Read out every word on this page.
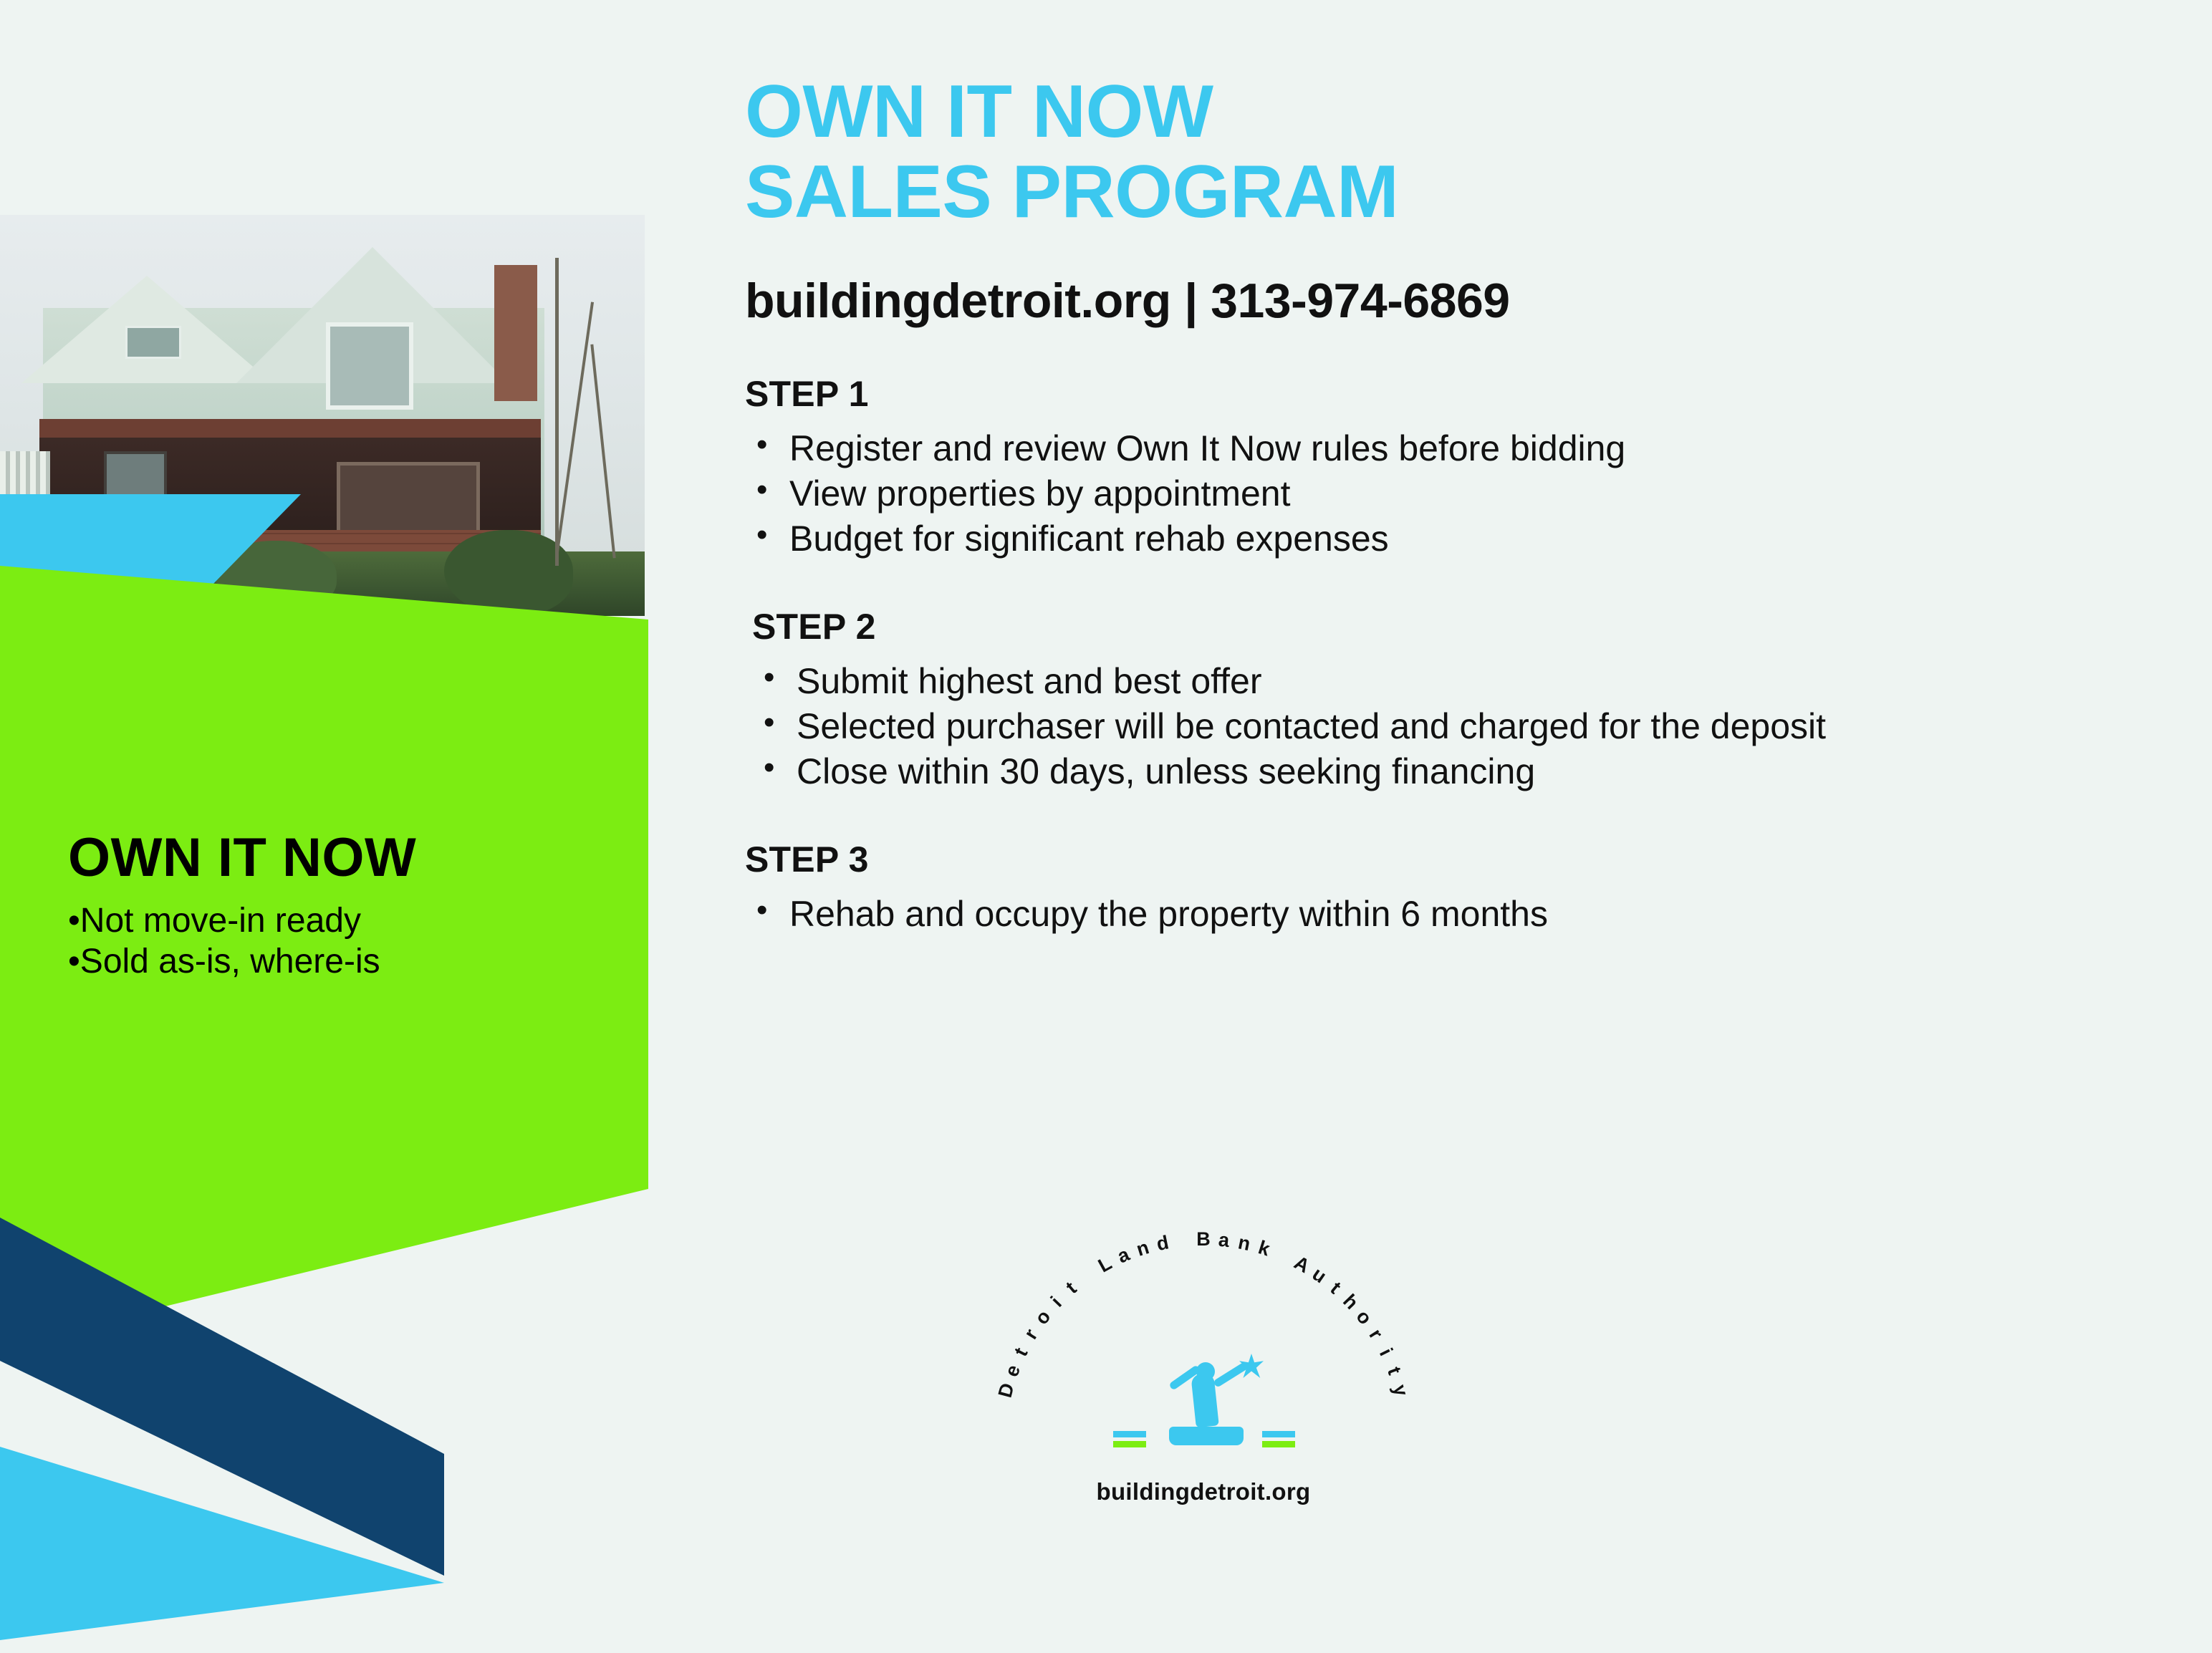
OWN IT NOW
•Not move-in ready
•Sold as-is, where-is
OWN IT NOW
SALES PROGRAM
buildingdetroit.org | 313-974-6869
STEP 1
• Register and review Own It Now rules before bidding
• View properties by appointment
• Budget for significant rehab expenses
STEP 2
• Submit highest and best offer
• Selected purchaser will be contacted and charged for the deposit
• Close within 30 days, unless seeking financing
STEP 3
• Rehab and occupy the property within 6 months
D
e
t
r
o
i
t

L
a n d
B a n k

A
u
t
h
o
r
i
t
y
buildingdetroit.org
